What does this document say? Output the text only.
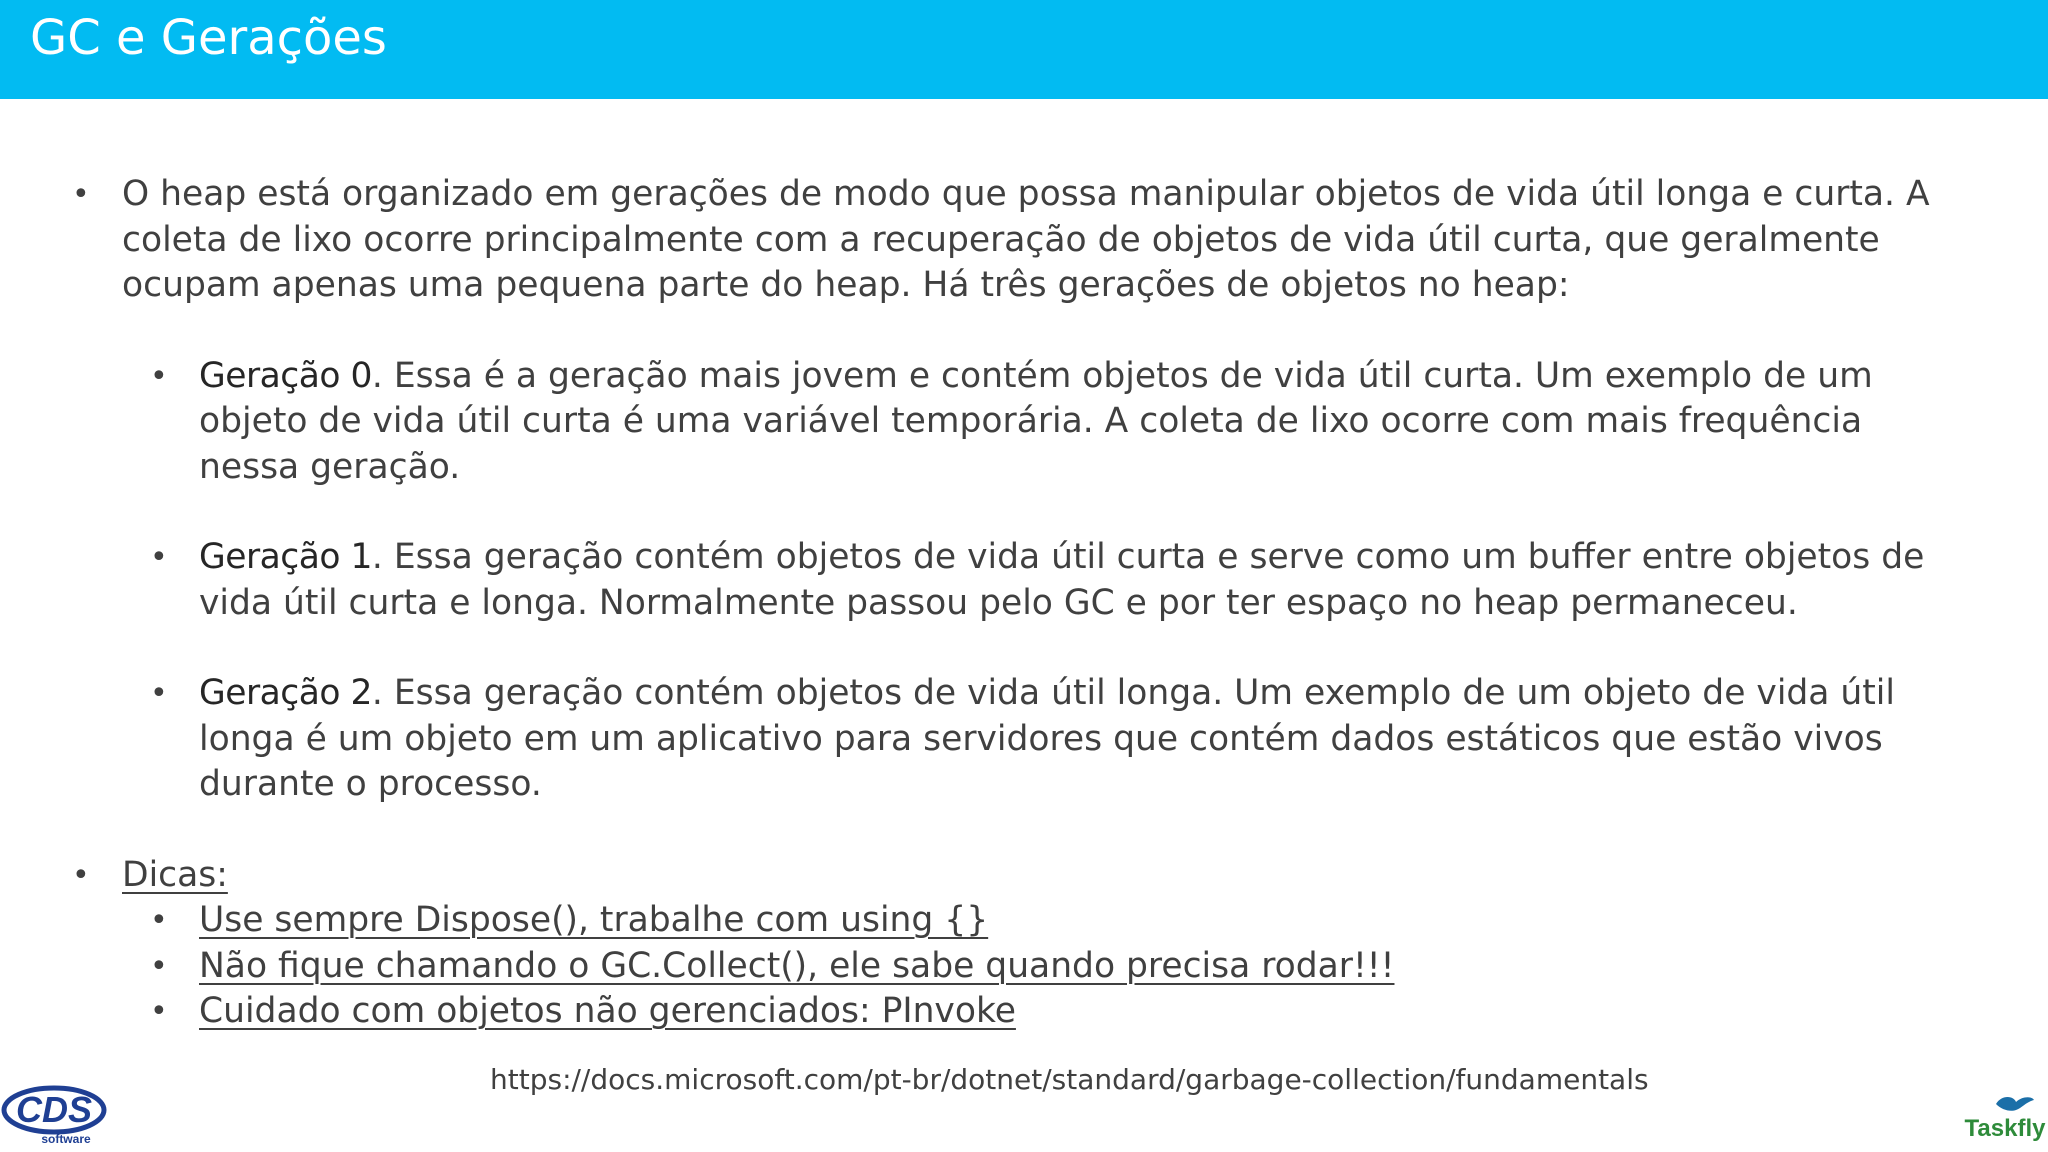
GC e Gerações
• O heap está organizado em gerações de modo que possa manipular objetos de vida útil longa e curta. A coleta de lixo ocorre principalmente com a recuperação de objetos de vida útil curta, que geralmente ocupam apenas uma pequena parte do heap. Há três gerações de objetos no heap:
• Geração 0. Essa é a geração mais jovem e contém objetos de vida útil curta. Um exemplo de um objeto de vida útil curta é uma variável temporária. A coleta de lixo ocorre com mais frequência nessa geração.
• Geração 1. Essa geração contém objetos de vida útil curta e serve como um buffer entre objetos de vida útil curta e longa. Normalmente passou pelo GC e por ter espaço no heap permaneceu.
• Geração 2. Essa geração contém objetos de vida útil longa. Um exemplo de um objeto de vida útil longa é um objeto em um aplicativo para servidores que contém dados estáticos que estão vivos durante o processo.
• Dicas:
• Use sempre Dispose(), trabalhe com using {}
• Não fique chamando o GC.Collect(), ele sabe quando precisa rodar!!!
• Cuidado com objetos não gerenciados: PInvoke
https://docs.microsoft.com/pt-br/dotnet/standard/garbage-collection/fundamentals
CDS
software	Taskfly
